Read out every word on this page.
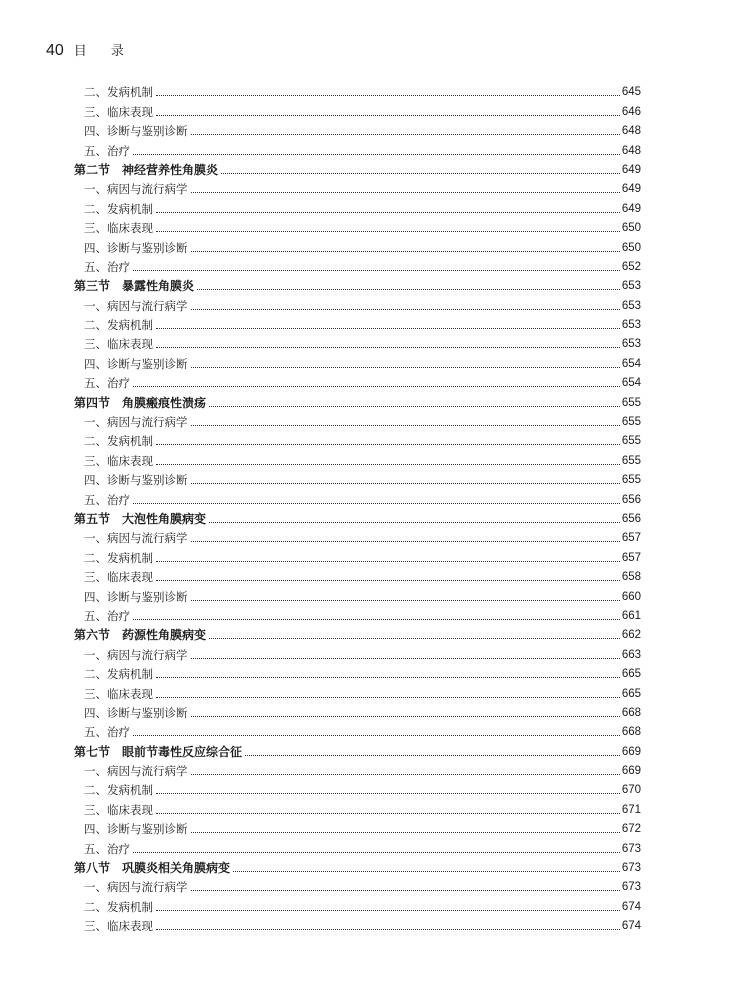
40 目 录
二、发病机制	645
三、临床表现	646
四、诊断与鉴别诊断	648
五、治疗	648
第二节　神经营养性角膜炎	649
一、病因与流行病学	649
二、发病机制	649
三、临床表现	650
四、诊断与鉴别诊断	650
五、治疗	652
第三节　暴露性角膜炎	653
一、病因与流行病学	653
二、发病机制	653
三、临床表现	653
四、诊断与鉴别诊断	654
五、治疗	654
第四节　角膜瘢痕性溃疡	655
一、病因与流行病学	655
二、发病机制	655
三、临床表现	655
四、诊断与鉴别诊断	655
五、治疗	656
第五节　大泡性角膜病变	656
一、病因与流行病学	657
二、发病机制	657
三、临床表现	658
四、诊断与鉴别诊断	660
五、治疗	661
第六节　药源性角膜病变	662
一、病因与流行病学	663
二、发病机制	665
三、临床表现	665
四、诊断与鉴别诊断	668
五、治疗	668
第七节　眼前节毒性反应综合征	669
一、病因与流行病学	669
二、发病机制	670
三、临床表现	671
四、诊断与鉴别诊断	672
五、治疗	673
第八节　巩膜炎相关角膜病变	673
一、病因与流行病学	673
二、发病机制	674
三、临床表现	674
